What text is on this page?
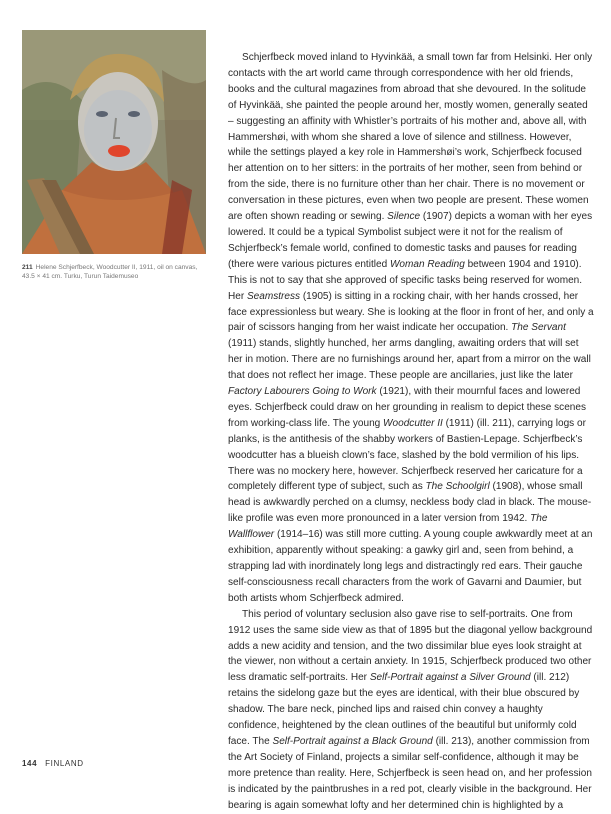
211 Helene Schjerfbeck, Woodcutter II, 1911, oil on canvas, 43.5 × 41 cm. Turku, Turun Taidemuseo

Schjerfbeck moved inland to Hyvinkää, a small town far from Helsinki. Her only contacts with the art world came through correspondence with her old friends, books and the cultural magazines from abroad that she devoured. In the solitude of Hyvinkää, she painted the people around her, mostly women, generally seated – suggesting an affinity with Whistler’s portraits of his mother and, above all, with Hammershøi, with whom she shared a love of silence and stillness. However, while the settings played a key role in Hammershøi’s work, Schjerfbeck focused her attention on to her sitters: in the portraits of her mother, seen from behind or from the side, there is no furniture other than her chair. There is no movement or conversation in these pictures, even when two people are present. These women are often shown reading or sewing. Silence (1907) depicts a woman with her eyes lowered. It could be a typical Symbolist subject were it not for the realism of Schjerfbeck’s female world, confined to domestic tasks and pauses for reading (there were various pictures entitled Woman Reading between 1904 and 1910). This is not to say that she approved of specific tasks being reserved for women. Her Seamstress (1905) is sitting in a rocking chair, with her hands crossed, her face expressionless but weary. She is looking at the floor in front of her, and only a pair of scissors hanging from her waist indicate her occupation. The Servant (1911) stands, slightly hunched, her arms dangling, awaiting orders that will set her in motion. There are no furnishings around her, apart from a mirror on the wall that does not reflect her image. These people are ancillaries, just like the later Factory Labourers Going to Work (1921), with their mournful faces and lowered eyes. Schjerfbeck could draw on her grounding in realism to depict these scenes from working-class life. The young Woodcutter II (1911) (ill. 211), carrying logs or planks, is the antithesis of the shabby workers of Bastien-Lepage. Schjerfbeck’s woodcutter has a blueish clown’s face, slashed by the bold vermilion of his lips. There was no mockery here, however. Schjerfbeck reserved her caricature for a completely different type of subject, such as The Schoolgirl (1908), whose small head is awkwardly perched on a clumsy, neckless body clad in black. The mouse-like profile was even more pronounced in a later version from 1942. The Wallflower (1914–16) was still more cutting. A young couple awkwardly meet at an exhibition, apparently without speaking: a gawky girl and, seen from behind, a strapping lad with inordinately long legs and distractingly red ears. Their gauche self-consciousness recall characters from the work of Gavarni and Daumier, but both artists whom Schjerfbeck admired.

This period of voluntary seclusion also gave rise to self-portraits. One from 1912 uses the same side view as that of 1895 but the diagonal yellow background adds a new acidity and tension, and the two dissimilar blue eyes look straight at the viewer, non without a certain anxiety. In 1915, Schjerfbeck produced two other less dramatic self-portraits. Her Self-Portrait against a Silver Ground (ill. 212) retains the sidelong gaze but the eyes are identical, with their blue obscured by shadow. The bare neck, pinched lips and raised chin convey a haughty confidence, heightened by the clean outlines of the beautiful but uniformly cold face. The Self-Portrait against a Black Ground (ill. 213), another commission from the Art Society of Finland, projects a similar self-confidence, although it may be more pretence than reality. Here, Schjerfbeck is seen head on, and her profession is indicated by the paintbrushes in a red pot, clearly visible in the background. Her bearing is again somewhat lofty and her determined chin is highlighted by a

144 FINLAND
